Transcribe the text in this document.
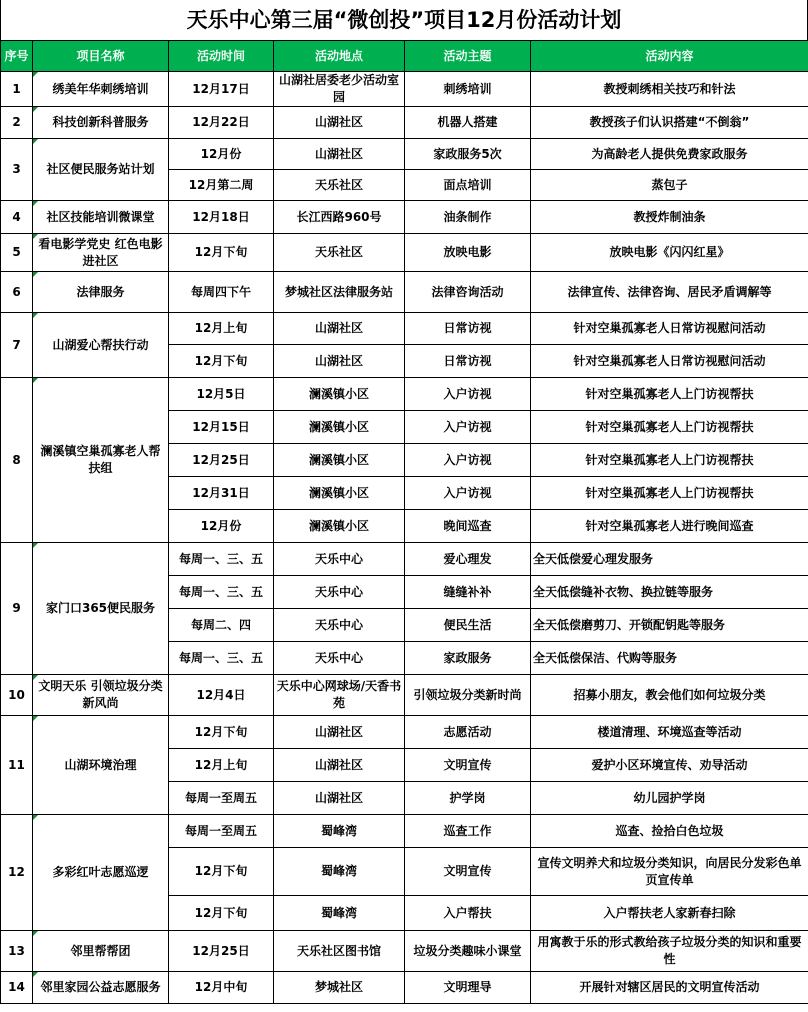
天乐中心第三届“微创投”项目12月份活动计划
序号	项目名称	活动时间	活动地点	活动主题	活动内容
1	绣美年华刺绣培训	12月17日	山湖社居委老少活动室园	刺绣培训	教授刺绣相关技巧和针法
2	科技创新科普服务	12月22日	山湖社区	机器人搭建	教授孩子们认识搭建“不倒翁”
3	社区便民服务站计划	12月份	山湖社区	家政服务5次	为高龄老人提供免费家政服务
		12月第二周	天乐社区	面点培训	蒸包子
4	社区技能培训微课堂	12月18日	长江西路960号	油条制作	教授炸制油条
5	看电影学党史 红色电影进社区	12月下旬	天乐社区	放映电影	放映电影《闪闪红星》
6	法律服务	每周四下午	梦城社区法律服务站	法律咨询活动	法律宣传、法律咨询、居民矛盾调解等
7	山湖爱心帮扶行动	12月上旬	山湖社区	日常访视	针对空巢孤寡老人日常访视慰问活动
		12月下旬	山湖社区	日常访视	针对空巢孤寡老人日常访视慰问活动
8	澜溪镇空巢孤寡老人帮扶组	12月5日	澜溪镇小区	入户访视	针对空巢孤寡老人上门访视帮扶
		12月15日	澜溪镇小区	入户访视	针对空巢孤寡老人上门访视帮扶
		12月25日	澜溪镇小区	入户访视	针对空巢孤寡老人上门访视帮扶
		12月31日	澜溪镇小区	入户访视	针对空巢孤寡老人上门访视帮扶
		12月份	澜溪镇小区	晚间巡查	针对空巢孤寡老人进行晚间巡查
9	家门口365便民服务	每周一、三、五	天乐中心	爱心理发	全天低偿爱心理发服务
		每周一、三、五	天乐中心	缝缝补补	全天低偿缝补衣物、换拉链等服务
		每周二、四	天乐中心	便民生活	全天低偿磨剪刀、开锁配钥匙等服务
		每周一、三、五	天乐中心	家政服务	全天低偿保洁、代购等服务
10	文明天乐 引领垃圾分类新风尚	12月4日	天乐中心网球场/天香书苑	引领垃圾分类新时尚	招募小朋友，教会他们如何垃圾分类
11	山湖环境治理	12月下旬	山湖社区	志愿活动	楼道清理、环境巡查等活动
		12月上旬	山湖社区	文明宣传	爱护小区环境宣传、劝导活动
		每周一至周五	山湖社区	护学岗	幼儿园护学岗
12	多彩红叶志愿巡逻	每周一至周五	蜀峰湾	巡查工作	巡查、捡拾白色垃圾
		12月下旬	蜀峰湾	文明宣传	宣传文明养犬和垃圾分类知识，向居民分发彩色单页宣传单
		12月下旬	蜀峰湾	入户帮扶	入户帮扶老人家新春扫除
13	邻里帮帮团	12月25日	天乐社区图书馆	垃圾分类趣味小课堂	用寓教于乐的形式教给孩子垃圾分类的知识和重要性
14	邻里家园公益志愿服务	12月中旬	梦城社区	文明理导	开展针对辖区居民的文明宣传活动
